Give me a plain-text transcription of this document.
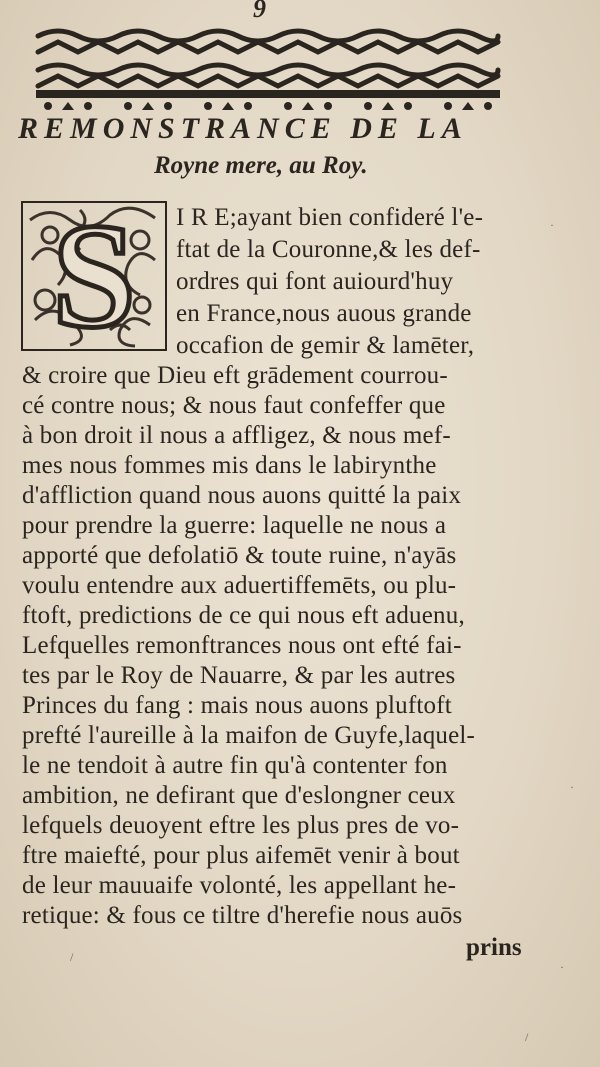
9
REMONSTRANCE DE LA
Royne mere, au Roy.
S	I R E;ayant bien confideré l'e-
ftat de la Couronne,& les def-
ordres qui font auiourd'huy
en France,nous auous grande
occafion de gemir & lamēter,
& croire que Dieu eft grādement courrou-
cé contre nous; & nous faut confeffer que
à bon droit il nous a affligez, & nous mef-
mes nous fommes mis dans le labirynthe
d'affliction quand nous auons quitté la paix
pour prendre la guerre: laquelle ne nous a
apporté que defolatiō & toute ruine, n'ayās
voulu entendre aux aduertiffemēts, ou plu-
ftoft, predictions de ce qui nous eft aduenu,
Lefquelles remonftrances nous ont efté fai-
tes par le Roy de Nauarre, & par les autres
Princes du fang : mais nous auons pluftoft
prefté l'aureille à la maifon de Guyfe,laquel-
le ne tendoit à autre fin qu'à contenter fon
ambition, ne defirant que d'eslongner ceux
lefquels deuoyent eftre les plus pres de vo-
ftre maiefté, pour plus aifemēt venir à bout
de leur mauuaife volonté, les appellant he-
retique: & fous ce tiltre d'herefie nous auōs
prins
·
·
·
/
/
